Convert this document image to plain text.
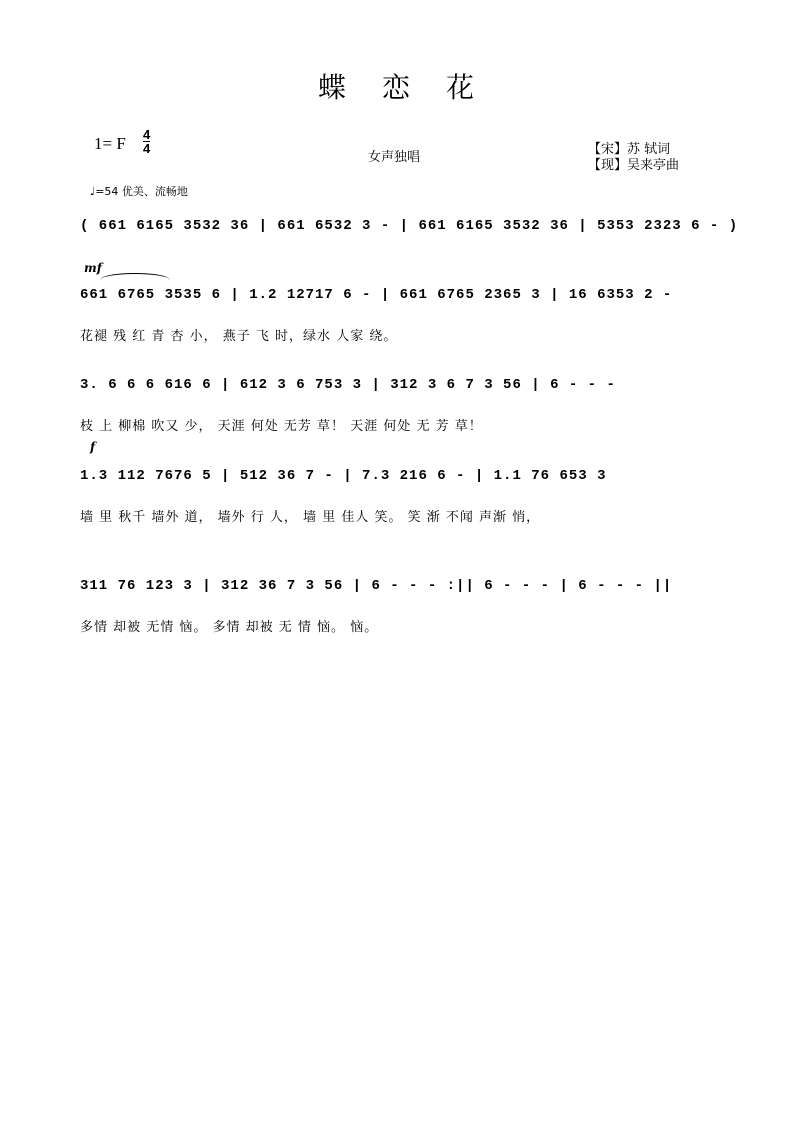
蝶恋花
1= F 4
4
女声独唱
【宋】苏 轼词
【现】吴来亭曲
♩=54 优美、流畅地
( 661 6165 3532 36 | 661 6532 3 - | 661 6165 3532 36 | 5353 2323 6 - )
mf
661 6765 3535 6 | 1.2 12717 6 - | 661 6765 2365 3 | 16 6353 2 -
花褪 残 红 青 杏 小， 燕子 飞 时，绿水 人家 绕。
3. 6 6 6 616 6 | 612 3 6 753 3 | 312 3 6 7 3 56 | 6 - - -
枝 上 柳棉 吹又 少， 天涯 何处 无芳 草！ 天涯 何处 无 芳 草！
f
1.3 112 7676 5 | 512 36 7 - | 7.3 216 6 - | 1.1 76 653 3
墙 里 秋千 墙外 道， 墙外 行 人， 墙 里 佳人 笑。 笑 渐 不闻 声渐 悄，
311 76 123 3 | 312 36 7 3 56 | 6 - - - :|| 6 - - - | 6 - - - ||
多情 却被 无情 恼。 多情 却被 无 情 恼。 恼。
